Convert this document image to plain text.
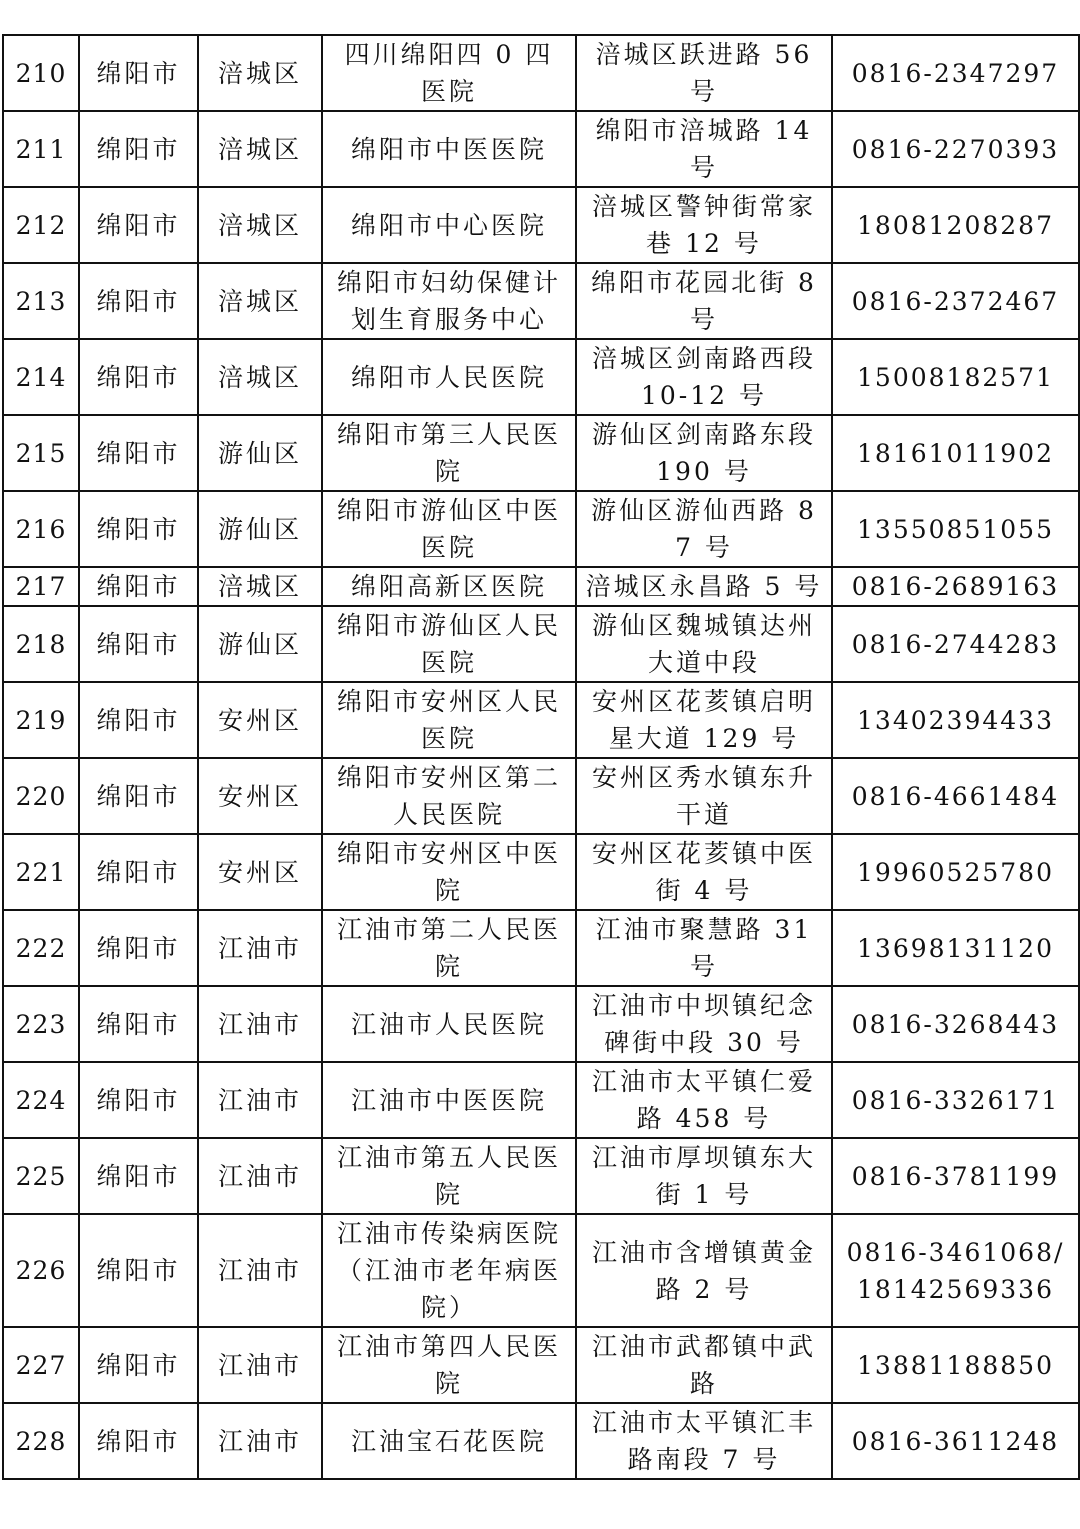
210	绵阳市	涪城区	四川绵阳四 0 四医院	涪城区跃进路 56 号	0816-2347297
211	绵阳市	涪城区	绵阳市中医医院	绵阳市涪城路 14 号	0816-2270393
212	绵阳市	涪城区	绵阳市中心医院	涪城区警钟街常家巷 12 号	18081208287
213	绵阳市	涪城区	绵阳市妇幼保健计划生育服务中心	绵阳市花园北街 8 号	0816-2372467
214	绵阳市	涪城区	绵阳市人民医院	涪城区剑南路西段 10-12 号	15008182571
215	绵阳市	游仙区	绵阳市第三人民医院	游仙区剑南路东段 190 号	18161011902
216	绵阳市	游仙区	绵阳市游仙区中医医院	游仙区游仙西路 87 号	13550851055
217	绵阳市	涪城区	绵阳高新区医院	涪城区永昌路 5 号	0816-2689163
218	绵阳市	游仙区	绵阳市游仙区人民医院	游仙区魏城镇达州大道中段	0816-2744283
219	绵阳市	安州区	绵阳市安州区人民医院	安州区花荄镇启明星大道 129 号	13402394433
220	绵阳市	安州区	绵阳市安州区第二人民医院	安州区秀水镇东升干道	0816-4661484
221	绵阳市	安州区	绵阳市安州区中医院	安州区花荄镇中医街 4 号	19960525780
222	绵阳市	江油市	江油市第二人民医院	江油市聚慧路 31 号	13698131120
223	绵阳市	江油市	江油市人民医院	江油市中坝镇纪念碑街中段 30 号	0816-3268443
224	绵阳市	江油市	江油市中医医院	江油市太平镇仁爱路 458 号	0816-3326171
225	绵阳市	江油市	江油市第五人民医院	江油市厚坝镇东大街 1 号	0816-3781199
226	绵阳市	江油市	江油市传染病医院（江油市老年病医院）	江油市含增镇黄金路 2 号	0816-3461068/18142569336
227	绵阳市	江油市	江油市第四人民医院	江油市武都镇中武路	13881188850
228	绵阳市	江油市	江油宝石花医院	江油市太平镇汇丰路南段 7 号	0816-3611248
